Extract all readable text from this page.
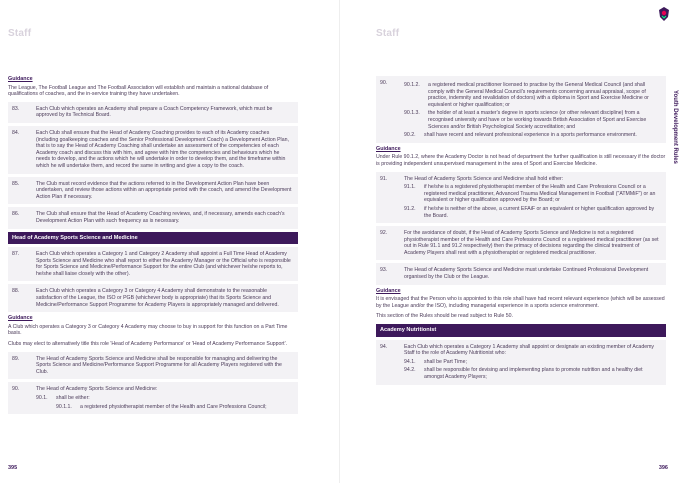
Staff
Guidance
The League, The Football League and The Football Association will establish and maintain a national database of qualifications of coaches, and the in-service training they have undertaken.
83.	Each Club which operates an Academy shall prepare a Coach Competency Framework, which must be approved by its Technical Board.
84.	Each Club shall ensure that the Head of Academy Coaching provides to each of its Academy coaches (including goalkeeping coaches and the Senior Professional Development Coach) a Development Action Plan, that is to say the Head of Academy Coaching shall undertake an assessment of the competencies of each Academy coach and discuss this with him, and agree with him the competencies and behaviours which he needs to develop, and the actions which he will undertake in order to develop them, and the timeframe within which he will undertake them, and record the same in writing and give a copy to the coach.
85.	The Club must record evidence that the actions referred to in the Development Action Plan have been undertaken, and review those actions within an appropriate period with the coach, and amend the Development Action Plan if necessary.
86.	The Club shall ensure that the Head of Academy Coaching reviews, and, if necessary, amends each coach's Development Action Plan with such frequency as is necessary.
Head of Academy Sports Science and Medicine
87.	Each Club which operates a Category 1 and Category 2 Academy shall appoint a Full Time Head of Academy Sports Science and Medicine who shall report to either the Academy Manager or the Official who is responsible for Sports Science and Medicine/Performance Support for the entire Club (and whichever he/she reports to, he/she shall liaise closely with the other).
88.	Each Club which operates a Category 3 or Category 4 Academy shall demonstrate to the reasonable satisfaction of the League, the ISO or PGB (whichever body is appropriate) that its Sports Science and Medicine/Performance Support Programme for Academy Players is appropriately managed and delivered.
Guidance
A Club which operates a Category 3 or Category 4 Academy may choose to buy in support for this function on a Part Time basis.
Clubs may elect to alternatively title this role 'Head of Academy Performance' or 'Head of Academy Performance Support'.
89.	The Head of Academy Sports Science and Medicine shall be responsible for managing and delivering the Sports Science and Medicine/Performance Support Programme for all Academy Players registered with the Club.
90.	The Head of Academy Sports Science and Medicine:
90.1.	shall be either:
90.1.1.	a registered physiotherapist member of the Health and Care Professions Council;
395
Staff
Youth Development Rules
90.	90.1.2.	a registered medical practitioner licensed to practise by the General Medical Council (and shall comply with the General Medical Council's requirements concerning annual appraisal, scope of practice, indemnity and revalidation of doctors) with a diploma in Sport and Exercise Medicine or equivalent or higher qualification; or
90.1.3.	the holder of at least a master's degree in sports science (or other relevant discipline) from a recognised university and have or be working towards British Association of Sport and Exercise Sciences and/or British Psychological Society accreditation; and
90.2.	shall have recent and relevant professional experience in a sports performance environment.
Guidance
Under Rule 90.1.2, where the Academy Doctor is not head of department the further qualification is still necessary if the doctor is providing independent unsupervised management in the area of Sport and Exercise Medicine.
91.	The Head of Academy Sports Science and Medicine shall hold either:
91.1.	if he/she is a registered physiotherapist member of the Health and Care Professions Council or a registered medical practitioner, Advanced Trauma Medical Management in Football ("ATMMiF") or an equivalent or higher qualification approved by the Board; or
91.2.	if he/she is neither of the above, a current EFAiF or an equivalent or higher qualification approved by the Board.
92.	For the avoidance of doubt, if the Head of Academy Sports Science and Medicine is not a registered physiotherapist member of the Health and Care Professions Council or a registered medical practitioner (as set out in Rule 91.1 and 91.2 respectively) then the primacy of decisions regarding the clinical treatment of Academy Players shall rest with a physiotherapist or registered medical practitioner.
93.	The Head of Academy Sports Science and Medicine must undertake Continued Professional Development organised by the Club or the League.
Guidance
It is envisaged that the Person who is appointed to this role shall have had recent relevant experience (which will be assessed by the League and/or the ISO), including managerial experience in a sports science environment.
This section of the Rules should be read subject to Rule 50.
Academy Nutritionist
94.	Each Club which operates a Category 1 Academy shall appoint or designate an existing member of Academy Staff to the role of Academy Nutritionist who:
94.1.	shall be Part Time;
94.2.	shall be responsible for devising and implementing plans to promote nutrition and a healthy diet amongst Academy Players;
396
